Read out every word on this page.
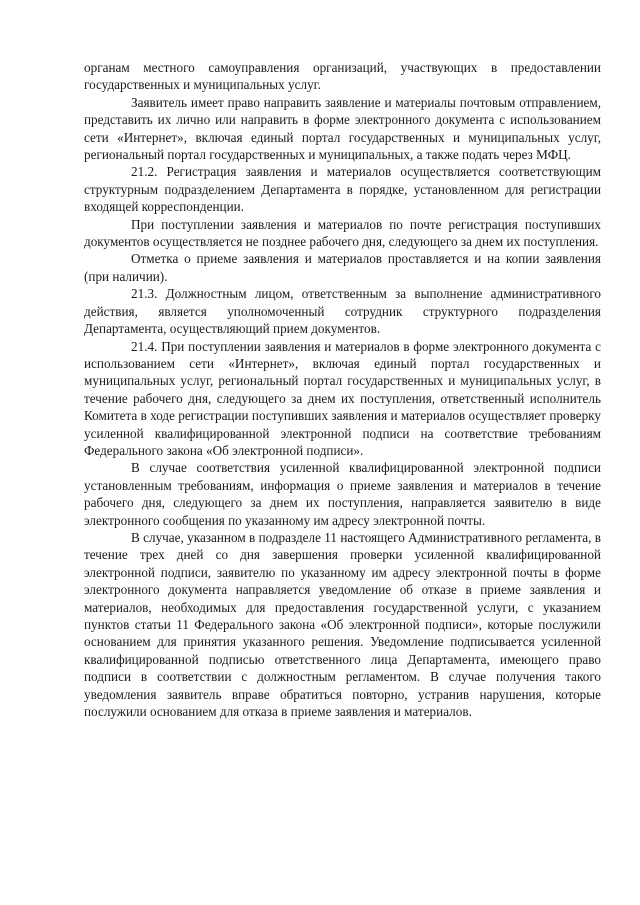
органам местного самоуправления организаций, участвующих в предоставлении государственных и муниципальных услуг.

Заявитель имеет право направить заявление и материалы почтовым отправлением, представить их лично или направить в форме электронного документа с использованием сети «Интернет», включая единый портал государственных и муниципальных услуг, региональный портал государственных и муниципальных, а также подать через МФЦ.

21.2. Регистрация заявления и материалов осуществляется соответствующим структурным подразделением Департамента в порядке, установленном для регистрации входящей корреспонденции.

При поступлении заявления и материалов по почте регистрация поступивших документов осуществляется не позднее рабочего дня, следующего за днем их поступления.

Отметка о приеме заявления и материалов проставляется и на копии заявления (при наличии).

21.3. Должностным лицом, ответственным за выполнение административного действия, является уполномоченный сотрудник структурного подразделения Департамента, осуществляющий прием документов.

21.4. При поступлении заявления и материалов в форме электронного документа с использованием сети «Интернет», включая единый портал государственных и муниципальных услуг, региональный портал государственных и муниципальных услуг, в течение рабочего дня, следующего за днем их поступления, ответственный исполнитель Комитета в ходе регистрации поступивших заявления и материалов осуществляет проверку усиленной квалифицированной электронной подписи на соответствие требованиям Федерального закона «Об электронной подписи».

В случае соответствия усиленной квалифицированной электронной подписи установленным требованиям, информация о приеме заявления и материалов в течение рабочего дня, следующего за днем их поступления, направляется заявителю в виде электронного сообщения по указанному им адресу электронной почты.

В случае, указанном в подразделе 11 настоящего Административного регламента, в течение трех дней со дня завершения проверки усиленной квалифицированной электронной подписи, заявителю по указанному им адресу электронной почты в форме электронного документа направляется уведомление об отказе в приеме заявления и материалов, необходимых для предоставления государственной услуги, с указанием пунктов статьи 11 Федерального закона «Об электронной подписи», которые послужили основанием для принятия указанного решения. Уведомление подписывается усиленной квалифицированной подписью ответственного лица Департамента, имеющего право подписи в соответствии с должностным регламентом. В случае получения такого уведомления заявитель вправе обратиться повторно, устранив нарушения, которые послужили основанием для отказа в приеме заявления и материалов.
